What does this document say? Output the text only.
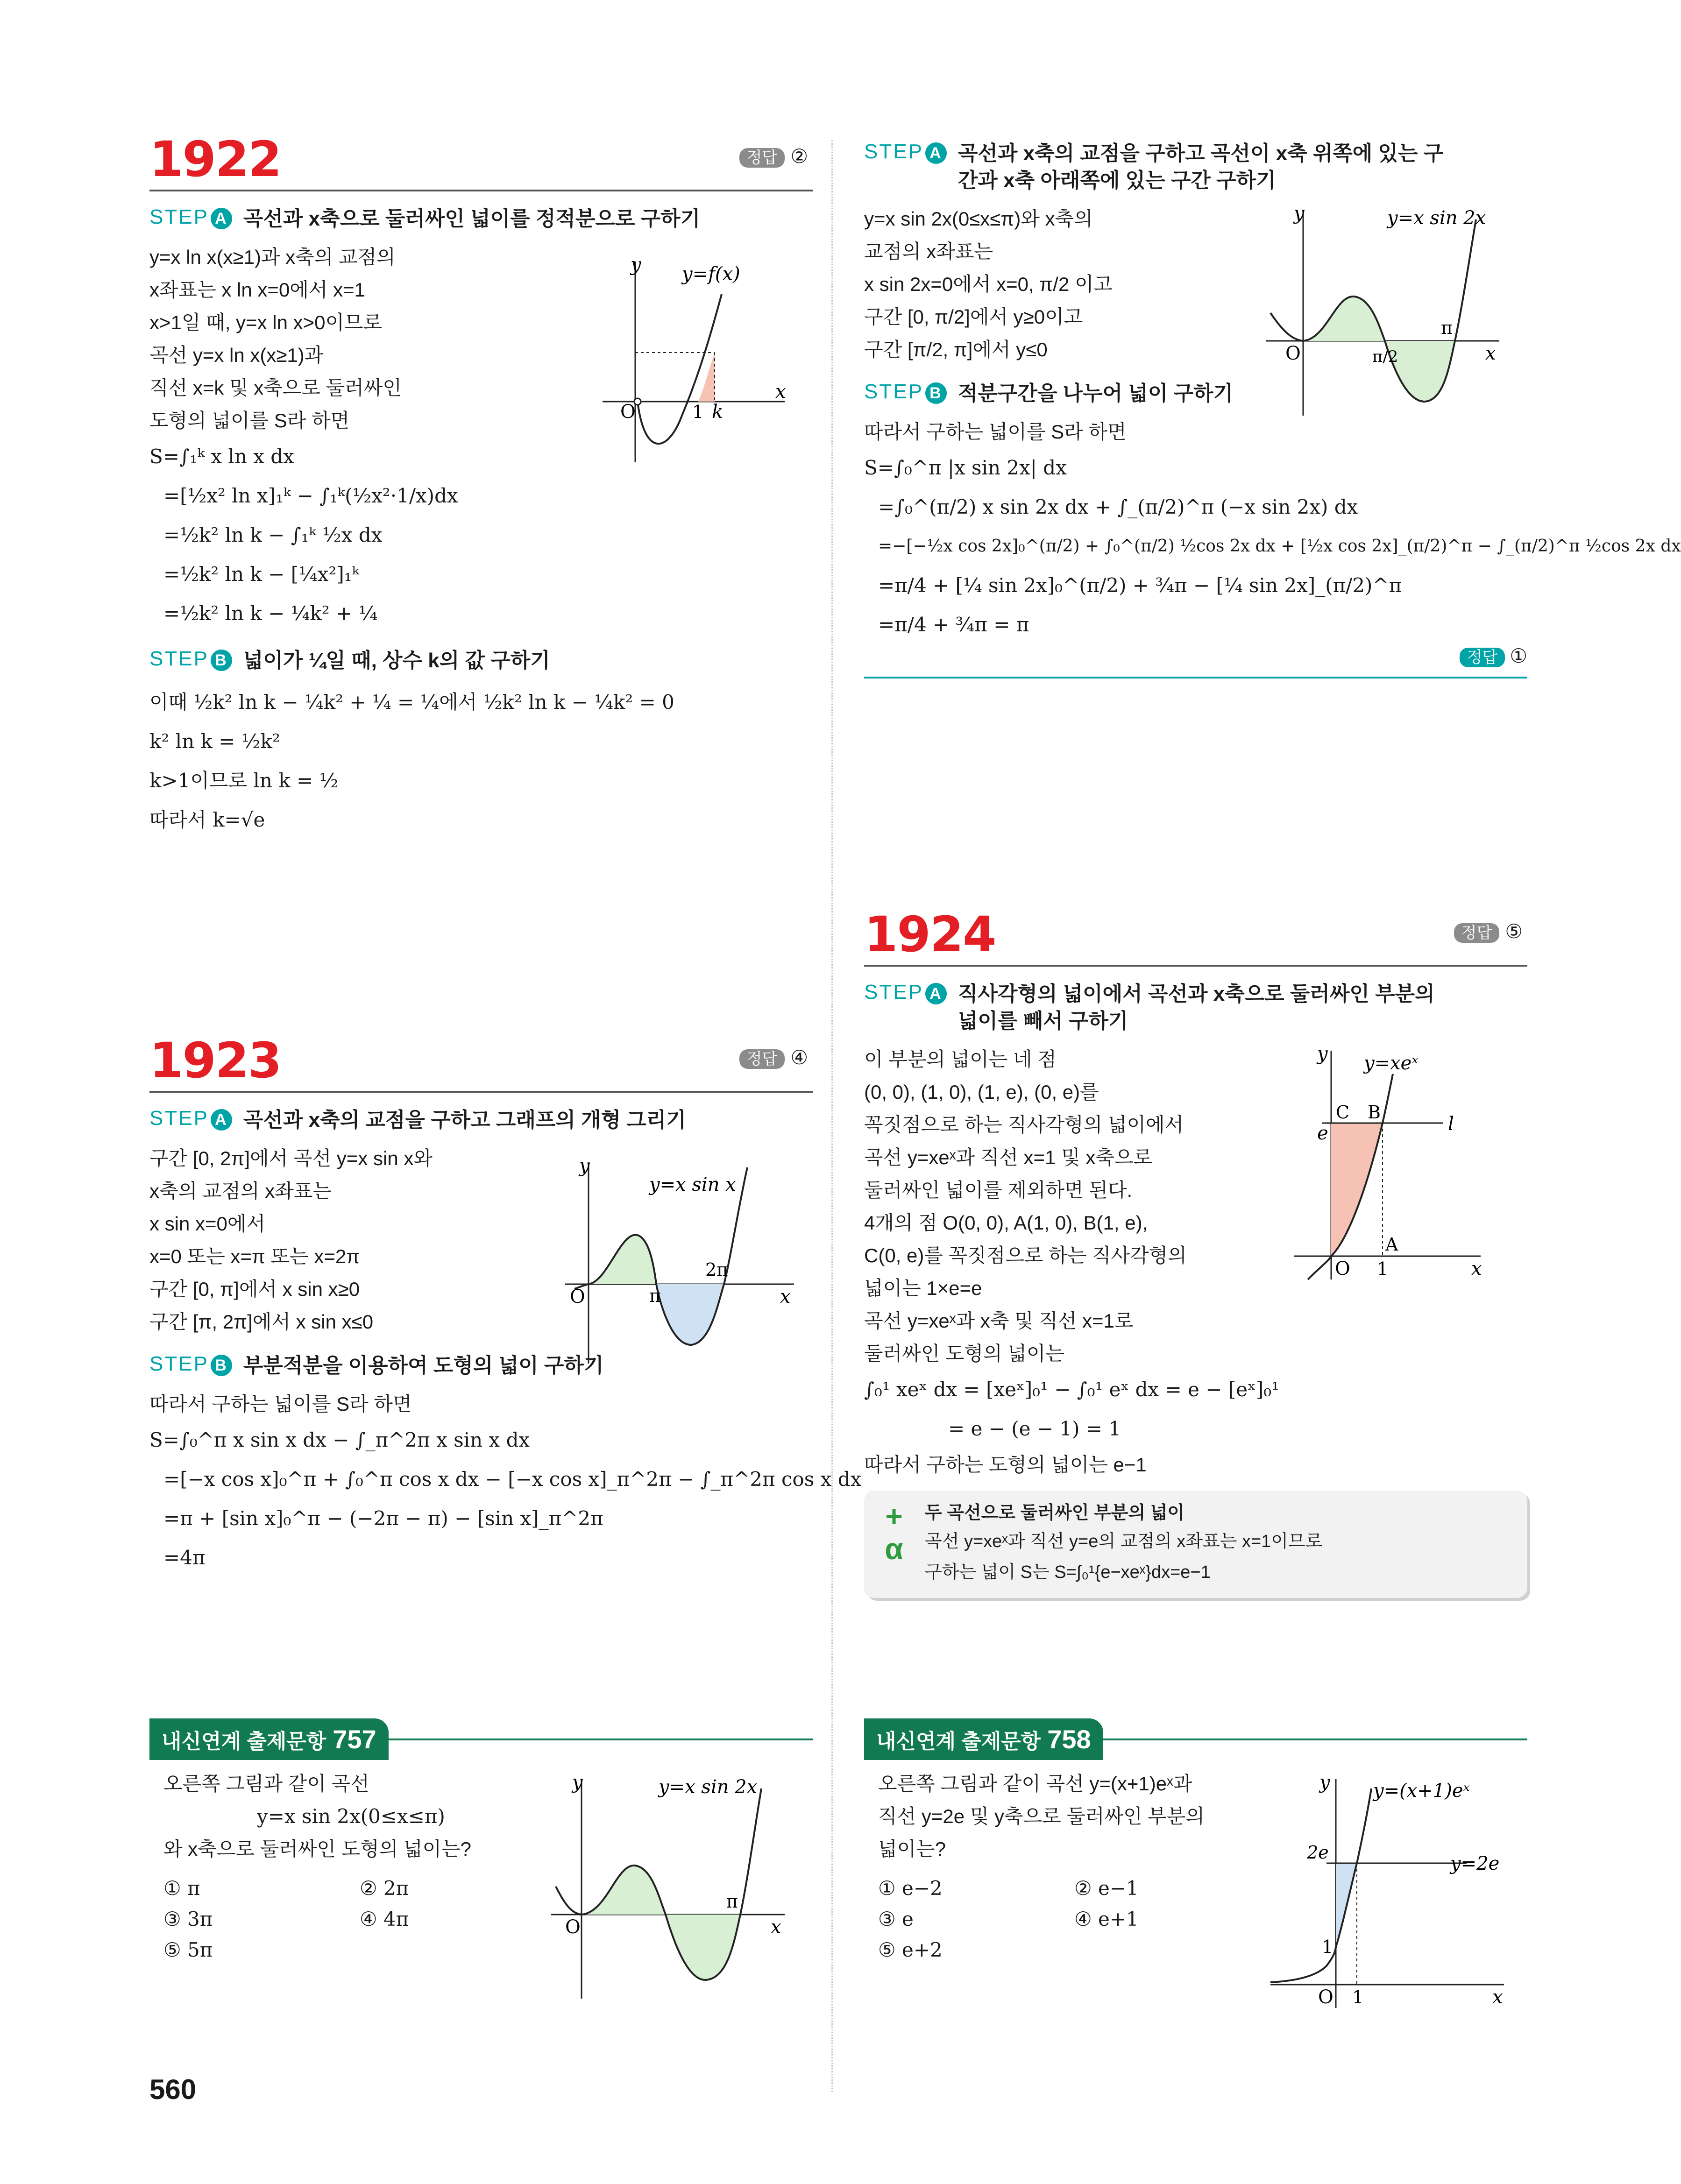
1922	정답 ②
STEP A 곡선과 x축으로 둘러싸인 넓이를 정적분으로 구하기
y=x ln x(x≥1)과 x축의 교점의
x좌표는 x ln x=0에서 x=1
x>1일 때, y=x ln x>0이므로
곡선 y=x ln x(x≥1)과
직선 x=k 및 x축으로 둘러싸인
도형의 넓이를 S라 하면
y
x
O	1 k
y=f(x)
S=∫₁ᵏ x ln x dx
=[½x² ln x]₁ᵏ − ∫₁ᵏ(½x²·1/x)dx
=½k² ln k − ∫₁ᵏ ½x dx
=½k² ln k − [¼x²]₁ᵏ
=½k² ln k − ¼k² + ¼
STEP B 넓이가 ¼일 때, 상수 k의 값 구하기
이때 ½k² ln k − ¼k² + ¼ = ¼에서 ½k² ln k − ¼k² = 0
k² ln k = ½k²
k>1이므로 ln k = ½
따라서 k=√e
1923	정답 ④
STEP A 곡선과 x축의 교점을 구하고 그래프의 개형 그리기
구간 [0, 2π]에서 곡선 y=x sin x와
x축의 교점의 x좌표는
x sin x=0에서
x=0 또는 x=π 또는 x=2π
구간 [0, π]에서 x sin x≥0
구간 [π, 2π]에서 x sin x≤0
y
x
O	π
2π
y=x sin x
STEP B 부분적분을 이용하여 도형의 넓이 구하기
따라서 구하는 넓이를 S라 하면
S=∫₀^π x sin x dx − ∫_π^2π x sin x dx
=[−x cos x]₀^π + ∫₀^π cos x dx − [−x cos x]_π^2π − ∫_π^2π cos x dx
=π + [sin x]₀^π − (−2π − π) − [sin x]_π^2π
=4π
내신연계 출제문항 757
오른쪽 그림과 같이 곡선
y=x sin 2x(0≤x≤π)
와 x축으로 둘러싸인 도형의 넓이는?
① π
③ 3π
⑤ 5π
② 2π
④ 4π
y
x
O
π
y=x sin 2x
560
STEP A 곡선과 x축의 교점을 구하고 곡선이 x축 위쪽에 있는 구간과 x축 아래쪽에 있는 구간 구하기
y=x sin 2x(0≤x≤π)와 x축의
교점의 x좌표는
x sin 2x=0에서 x=0, π/2 이고
구간 [0, π/2]에서 y≥0이고
구간 [π/2, π]에서 y≤0
y
x
O	π/2
π
y=x sin 2x
STEP B 적분구간을 나누어 넓이 구하기
따라서 구하는 넓이를 S라 하면
S=∫₀^π |x sin 2x| dx
=∫₀^(π/2) x sin 2x dx + ∫_(π/2)^π (−x sin 2x) dx
=−[−½x cos 2x]₀^(π/2) + ∫₀^(π/2) ½cos 2x dx + [½x cos 2x]_(π/2)^π − ∫_(π/2)^π ½cos 2x dx
=π/4 + [¼ sin 2x]₀^(π/2) + ¾π − [¼ sin 2x]_(π/2)^π
=π/4 + ¾π = π
정답 ①
1924	정답 ⑤
STEP A 직사각형의 넓이에서 곡선과 x축으로 둘러싸인 부분의 넓이를 빼서 구하기
이 부분의 넓이는 네 점
(0, 0), (1, 0), (1, e), (0, e)를
꼭짓점으로 하는 직사각형의 넓이에서
곡선 y=xeˣ과 직선 x=1 및 x축으로
둘러싸인 넓이를 제외하면 된다.
4개의 점 O(0, 0), A(1, 0), B(1, e),
C(0, e)를 꼭짓점으로 하는 직사각형의
넓이는 1×e=e
곡선 y=xeˣ과 x축 및 직선 x=1로
둘러싸인 도형의 넓이는
y
x
O 1
e	l
C B
A
y=xeˣ
∫₀¹ xeˣ dx = [xeˣ]₀¹ − ∫₀¹ eˣ dx = e − [eˣ]₀¹
= e − (e − 1) = 1
따라서 구하는 도형의 넓이는 e−1
+
α
두 곡선으로 둘러싸인 부분의 넓이
곡선 y=xeˣ과 직선 y=e의 교점의 x좌표는 x=1이므로
구하는 넓이 S는 S=∫₀¹{e−xeˣ}dx=e−1
내신연계 출제문항 758
오른쪽 그림과 같이 곡선 y=(x+1)eˣ과
직선 y=2e 및 y축으로 둘러싸인 부분의
넓이는?
① e−2
③ e
⑤ e+2
② e−1
④ e+1
y
x
O 1
1
2e
y=2e
y=(x+1)eˣ
